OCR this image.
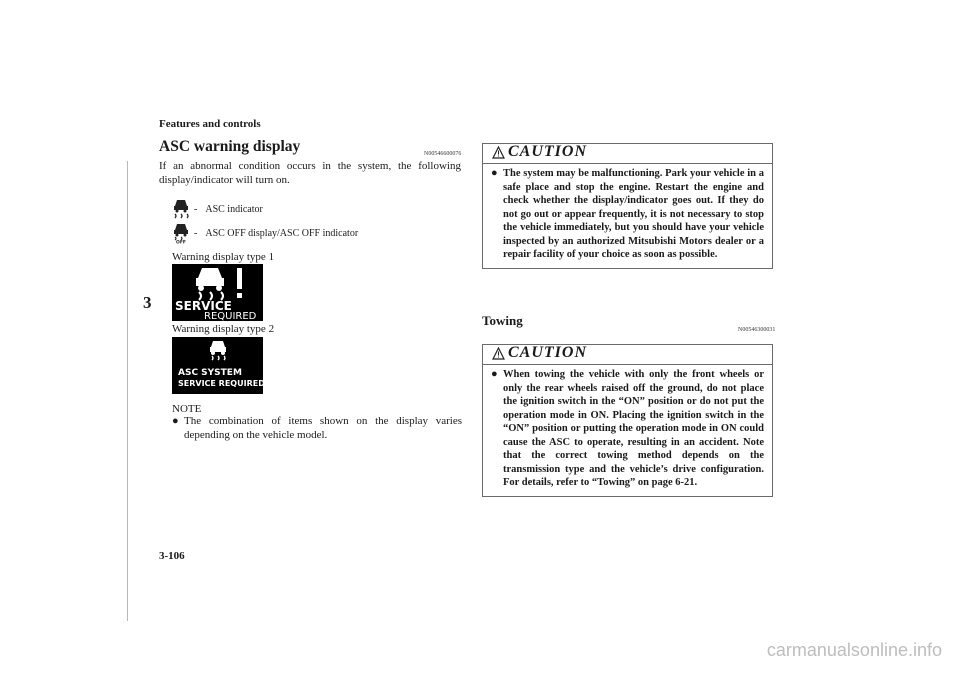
Features and controls
3
ASC warning display	N00546600076
If an abnormal condition occurs in the system, the following display/indicator will turn on.
- ASC indicator
OFF
- ASC OFF display/ASC OFF indicator
Warning display type 1
SERVICE
REQUIRED
Warning display type 2
ASC SYSTEM
SERVICE REQUIRED
NOTE
● The combination of items shown on the display varies depending on the vehicle model.
CAUTION
● The system may be malfunctioning. Park your vehicle in a safe place and stop the engine. Restart the engine and check whether the display/indicator goes out. If they do not go out or appear frequently, it is not necessary to stop the vehicle immediately, but you should have your vehicle inspected by an authorized Mitsubishi Motors dealer or a repair facility of your choice as soon as possible.
Towing
N00546300031
CAUTION
● When towing the vehicle with only the front wheels or only the rear wheels raised off the ground, do not place the ignition switch in the “ON” position or do not put the operation mode in ON. Placing the ignition switch in the “ON” position or putting the operation mode in ON could cause the ASC to operate, resulting in an accident. Note that the correct towing method depends on the transmission type and the vehicle’s drive configuration. For details, refer to “Towing” on page 6-21.
3-106
carmanualsonline.info
